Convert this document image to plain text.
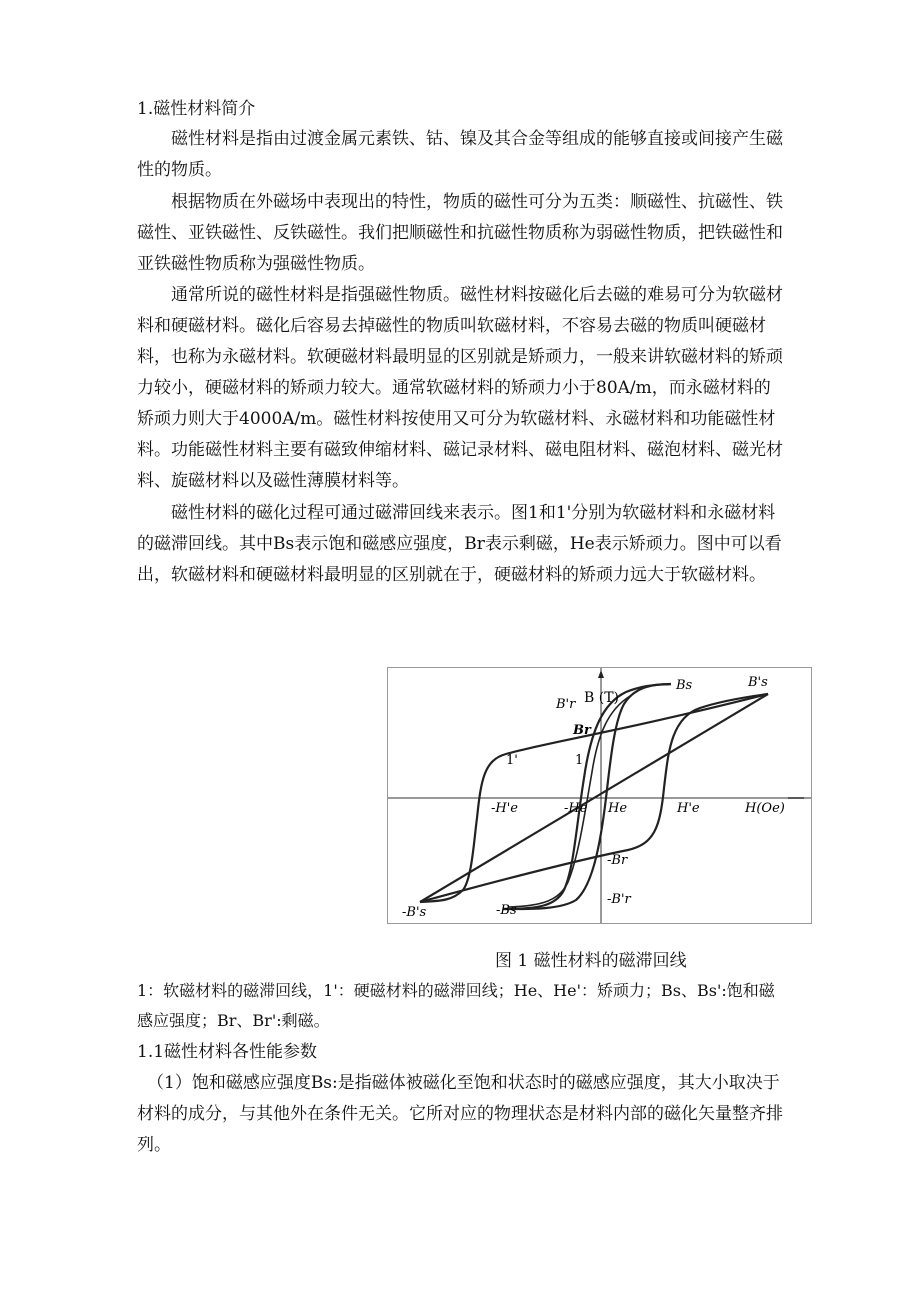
1.磁性材料简介

磁性材料是指由过渡金属元素铁、钴、镍及其合金等组成的能够直接或间接产生磁性的物质。

根据物质在外磁场中表现出的特性，物质的磁性可分为五类：顺磁性、抗磁性、铁磁性、亚铁磁性、反铁磁性。我们把顺磁性和抗磁性物质称为弱磁性物质，把铁磁性和亚铁磁性物质称为强磁性物质。

通常所说的磁性材料是指强磁性物质。磁性材料按磁化后去磁的难易可分为软磁材料和硬磁材料。磁化后容易去掉磁性的物质叫软磁材料，不容易去磁的物质叫硬磁材料，也称为永磁材料。软硬磁材料最明显的区别就是矫顽力，一般来讲软磁材料的矫顽力较小，硬磁材料的矫顽力较大。通常软磁材料的矫顽力小于80A/m，而永磁材料的矫顽力则大于4000A/m。磁性材料按使用又可分为软磁材料、永磁材料和功能磁性材料。功能磁性材料主要有磁致伸缩材料、磁记录材料、磁电阻材料、磁泡材料、磁光材料、旋磁材料以及磁性薄膜材料等。

磁性材料的磁化过程可通过磁滞回线来表示。图1和1'分别为软磁材料和永磁材料的磁滞回线。其中Bs表示饱和磁感应强度，Br表示剩磁，He表示矫顽力。图中可以看出，软磁材料和硬磁材料最明显的区别就在于，硬磁材料的矫顽力远大于软磁材料。

B (T)
B'r
Br
Bs	B's
1'	1
-H'e	-He He	H'e	H(Oe)
-Br
-B'r
-Bs
-B's
图 1 磁性材料的磁滞回线
1：软磁材料的磁滞回线，1'：硬磁材料的磁滞回线；He、He'：矫顽力；Bs、Bs':饱和磁感应强度；Br、Br':剩磁。
1.1磁性材料各性能参数

（1）饱和磁感应强度Bs:是指磁体被磁化至饱和状态时的磁感应强度，其大小取决于材料的成分，与其他外在条件无关。它所对应的物理状态是材料内部的磁化矢量整齐排列。
